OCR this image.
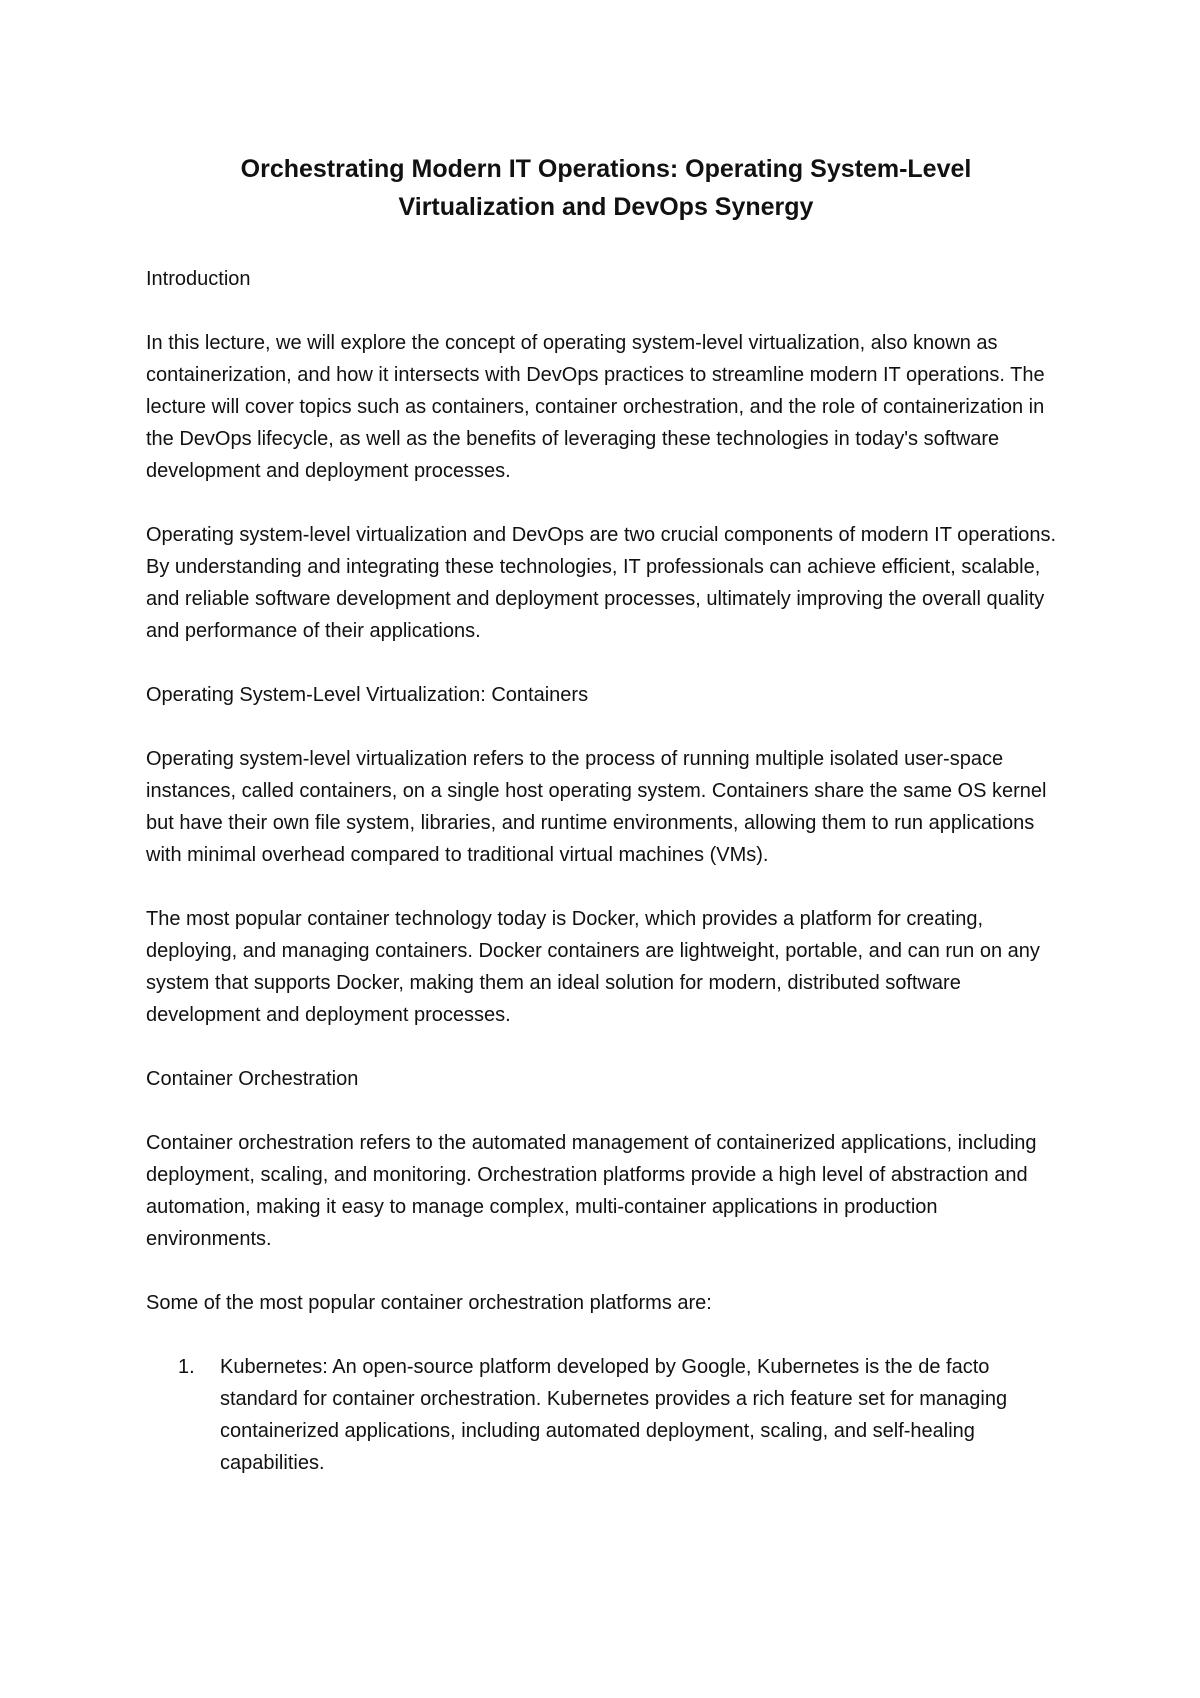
Orchestrating Modern IT Operations: Operating System-Level
Virtualization and DevOps Synergy

Introduction

In this lecture, we will explore the concept of operating system-level virtualization, also known as containerization, and how it intersects with DevOps practices to streamline modern IT operations. The lecture will cover topics such as containers, container orchestration, and the role of containerization in the DevOps lifecycle, as well as the benefits of leveraging these technologies in today's software development and deployment processes.

Operating system-level virtualization and DevOps are two crucial components of modern IT operations. By understanding and integrating these technologies, IT professionals can achieve efficient, scalable, and reliable software development and deployment processes, ultimately improving the overall quality and performance of their applications.

Operating System-Level Virtualization: Containers

Operating system-level virtualization refers to the process of running multiple isolated user-space instances, called containers, on a single host operating system. Containers share the same OS kernel but have their own file system, libraries, and runtime environments, allowing them to run applications with minimal overhead compared to traditional virtual machines (VMs).

The most popular container technology today is Docker, which provides a platform for creating, deploying, and managing containers. Docker containers are lightweight, portable, and can run on any system that supports Docker, making them an ideal solution for modern, distributed software development and deployment processes.

Container Orchestration

Container orchestration refers to the automated management of containerized applications, including deployment, scaling, and monitoring. Orchestration platforms provide a high level of abstraction and automation, making it easy to manage complex, multi-container applications in production environments.

Some of the most popular container orchestration platforms are:

1. Kubernetes: An open-source platform developed by Google, Kubernetes is the de facto standard for container orchestration. Kubernetes provides a rich feature set for managing containerized applications, including automated deployment, scaling, and self-healing capabilities.
